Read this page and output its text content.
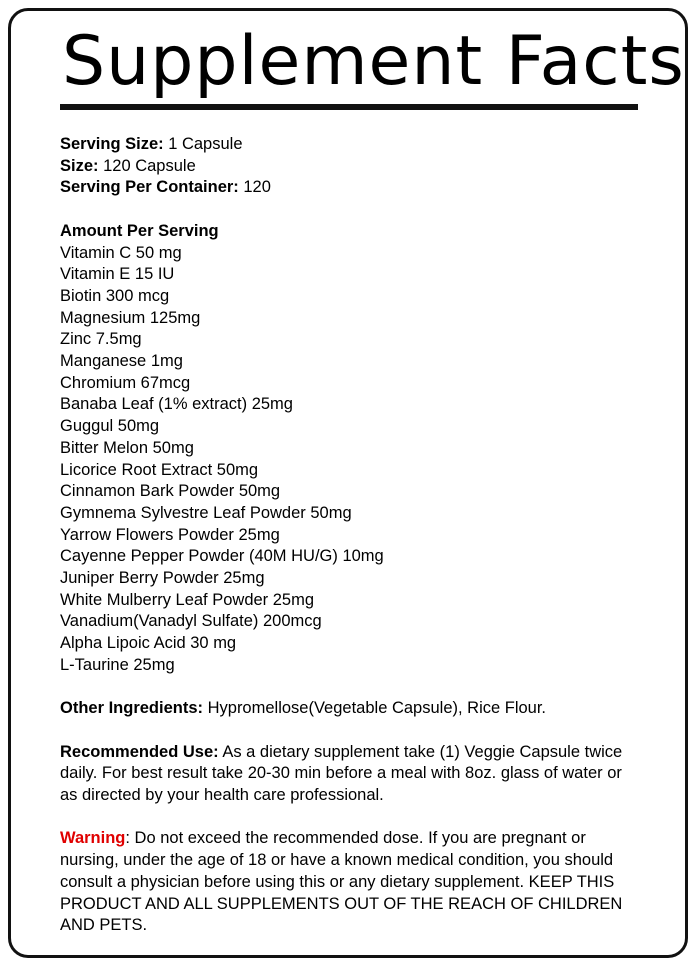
Supplement Facts

Serving Size: 1 Capsule

Size: 120 Capsule

Serving Per Container: 120

Amount Per Serving

Vitamin C 50 mg
Vitamin E 15 IU
Biotin 300 mcg
Magnesium 125mg
Zinc 7.5mg
Manganese 1mg
Chromium 67mcg
Banaba Leaf (1% extract) 25mg
Guggul 50mg
Bitter Melon 50mg
Licorice Root Extract 50mg
Cinnamon Bark Powder 50mg
Gymnema Sylvestre Leaf Powder 50mg
Yarrow Flowers Powder 25mg
Cayenne Pepper Powder (40M HU/G) 10mg
Juniper Berry Powder 25mg
White Mulberry Leaf Powder 25mg
Vanadium(Vanadyl Sulfate) 200mcg
Alpha Lipoic Acid 30 mg
L-Taurine 25mg

Other Ingredients: Hypromellose(Vegetable Capsule), Rice Flour.

Recommended Use: As a dietary supplement take (1) Veggie Capsule twice

daily. For best result take 20-30 min before a meal with 8oz. glass of water or

as directed by your health care professional.

Warning: Do not exceed the recommended dose. If you are pregnant or

nursing, under the age of 18 or have a known medical condition, you should

consult a physician before using this or any dietary supplement. KEEP THIS

PRODUCT AND ALL SUPPLEMENTS OUT OF THE REACH OF CHILDREN

AND PETS.
